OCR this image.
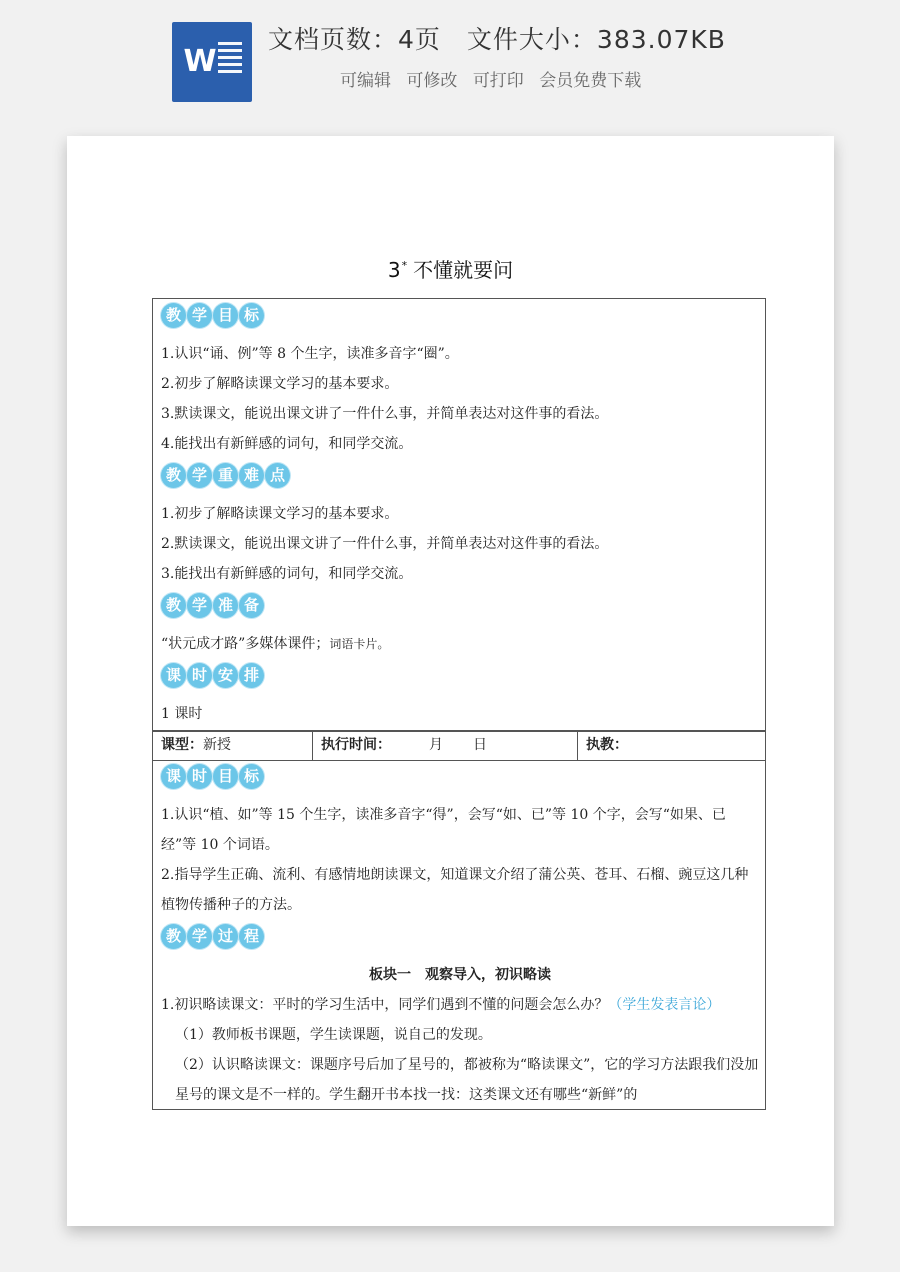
W
文档页数：4页 文件大小：383.07KB
可编辑 可修改 可打印 会员免费下载
3* 不懂就要问
教 学 目 标
1.认识“诵、例”等 8 个生字，读准多音字“圈”。
2.初步了解略读课文学习的基本要求。
3.默读课文，能说出课文讲了一件什么事，并简单表达对这件事的看法。
4.能找出有新鲜感的词句，和同学交流。
教 学 重 难 点
1.初步了解略读课文学习的基本要求。
2.默读课文，能说出课文讲了一件什么事，并简单表达对这件事的看法。
3.能找出有新鲜感的词句，和同学交流。
教 学 准 备
“状元成才路”多媒体课件；词语卡片。
课 时 安 排
1 课时
课型：新授	执行时间：	月 日	执教：
课 时 目 标
1.认识“植、如”等 15 个生字，读准多音字“得”，会写“如、已”等 10 个字，会写“如果、已经”等 10 个词语。
2.指导学生正确、流利、有感情地朗读课文，知道课文介绍了蒲公英、苍耳、石榴、豌豆这几种植物传播种子的方法。
教 学 过 程
板块一　观察导入，初识略读
1.初识略读课文：平时的学习生活中，同学们遇到不懂的问题会怎么办？（学生发表言论）
（1）教师板书课题，学生读课题，说自己的发现。
（2）认识略读课文：课题序号后加了星号的，都被称为“略读课文”，它的学习方法跟我们没加星号的课文是不一样的。学生翻开书本找一找：这类课文还有哪些“新鲜”的
